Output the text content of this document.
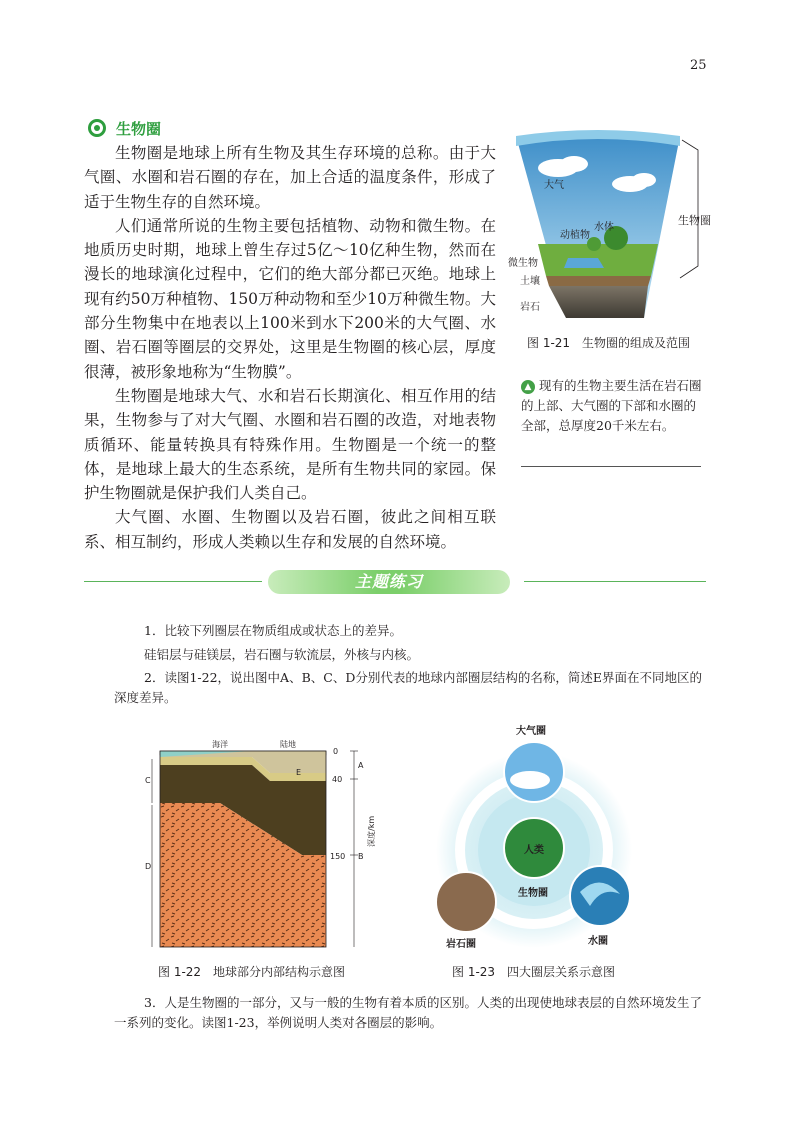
25
生物圈

生物圈是地球上所有生物及其生存环境的总称。由于大气圈、水圈和岩石圈的存在，加上合适的温度条件，形成了适于生物生存的自然环境。

人们通常所说的生物主要包括植物、动物和微生物。在地质历史时期，地球上曾生存过5亿～10亿种生物，然而在漫长的地球演化过程中，它们的绝大部分都已灭绝。地球上现有约50万种植物、150万种动物和至少10万种微生物。大部分生物集中在地表以上100米到水下200米的大气圈、水圈、岩石圈等圈层的交界处，这里是生物圈的核心层，厚度很薄，被形象地称为“生物膜”。

生物圈是地球大气、水和岩石长期演化、相互作用的结果，生物参与了对大气圈、水圈和岩石圈的改造，对地表物质循环、能量转换具有特殊作用。生物圈是一个统一的整体，是地球上最大的生态系统，是所有生物共同的家园。保护生物圈就是保护我们人类自己。

大气圈、水圈、生物圈以及岩石圈，彼此之间相互联系、相互制约，形成人类赖以生存和发展的自然环境。

大气
水体
动植物
微生物
土壤
岩石
生物圈
图 1-21　生物圈的组成及范围
▲ 现有的生物主要生活在岩石圈的上部、大气圈的下部和水圈的全部，总厚度20千米左右。
主题练习
1．比较下列圈层在物质组成或状态上的差异。
硅铝层与硅镁层，岩石圈与软流层，外核与内核。
2．读图1-22，说出图中A、B、C、D分别代表的地球内部圈层结构的名称，简述E界面在不同地区的深度差异。
海洋	陆地
C
D
E
0
40
150
A
B
深度/km
图 1-22　地球部分内部结构示意图
大气圈
人类
生物圈
岩石圈	水圈
图 1-23　四大圈层关系示意图
3．人是生物圈的一部分，又与一般的生物有着本质的区别。人类的出现使地球表层的自然环境发生了一系列的变化。读图1-23，举例说明人类对各圈层的影响。
